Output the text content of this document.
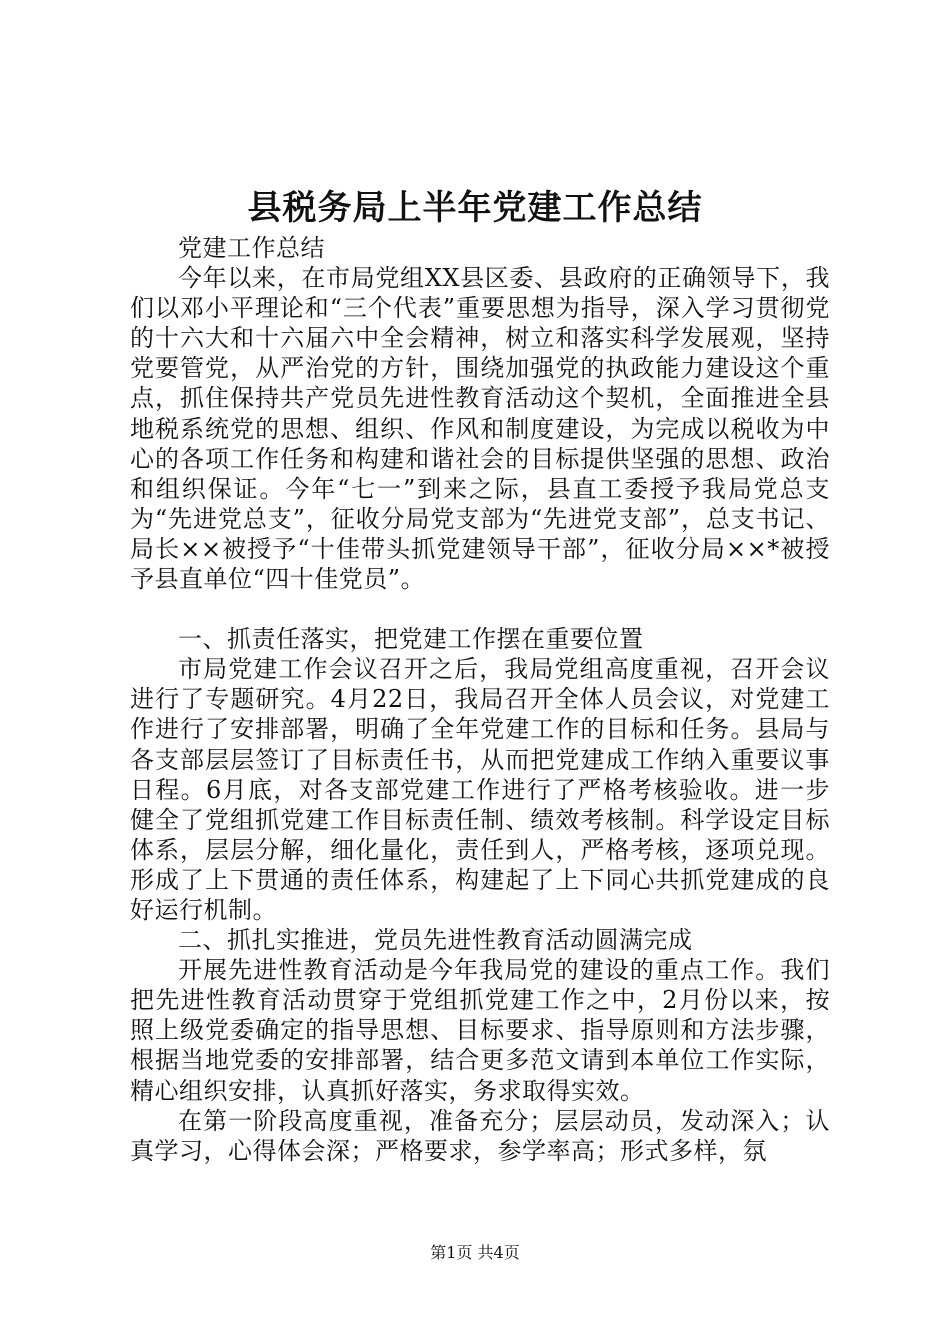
县税务局上半年党建工作总结

党建工作总结

今年以来，在市局党组XX县区委、县政府的正确领导下，我们以邓小平理论和“三个代表”重要思想为指导，深入学习贯彻党的十六大和十六届六中全会精神，树立和落实科学发展观，坚持党要管党，从严治党的方针，围绕加强党的执政能力建设这个重点，抓住保持共产党员先进性教育活动这个契机，全面推进全县地税系统党的思想、组织、作风和制度建设，为完成以税收为中心的各项工作任务和构建和谐社会的目标提供坚强的思想、政治和组织保证。今年“七一”到来之际，县直工委授予我局党总支为“先进党总支”，征收分局党支部为“先进党支部”，总支书记、局长××被授予“十佳带头抓党建领导干部”，征收分局××*被授予县直单位“四十佳党员”。

一、抓责任落实，把党建工作摆在重要位置

市局党建工作会议召开之后，我局党组高度重视，召开会议进行了专题研究。4月22日，我局召开全体人员会议，对党建工作进行了安排部署，明确了全年党建工作的目标和任务。县局与各支部层层签订了目标责任书，从而把党建成工作纳入重要议事日程。6月底，对各支部党建工作进行了严格考核验收。进一步健全了党组抓党建工作目标责任制、绩效考核制。科学设定目标体系，层层分解，细化量化，责任到人，严格考核，逐项兑现。形成了上下贯通的责任体系，构建起了上下同心共抓党建成的良好运行机制。

二、抓扎实推进，党员先进性教育活动圆满完成

开展先进性教育活动是今年我局党的建设的重点工作。我们把先进性教育活动贯穿于党组抓党建工作之中，2月份以来，按照上级党委确定的指导思想、目标要求、指导原则和方法步骤，根据当地党委的安排部署，结合更多范文请到本单位工作实际，精心组织安排，认真抓好落实，务求取得实效。

在第一阶段高度重视，准备充分；层层动员，发动深入；认真学习，心得体会深；严格要求，参学率高；形式多样，氛

第1页 共4页
